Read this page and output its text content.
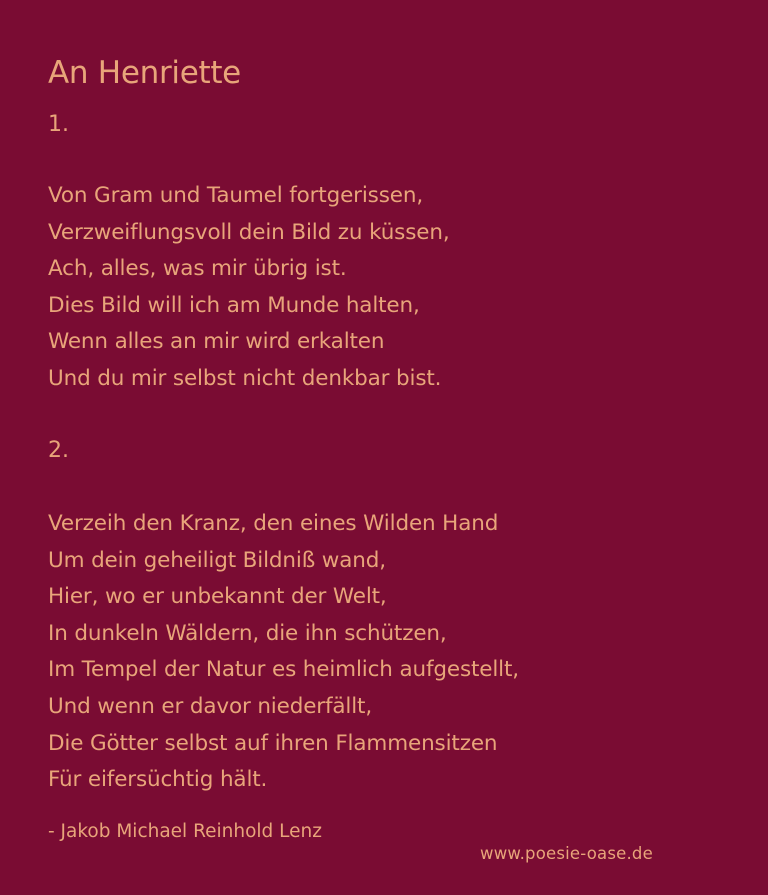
An Henriette
1.
Von Gram und Taumel fortgerissen,
Verzweiflungsvoll dein Bild zu küssen,
Ach, alles, was mir übrig ist.
Dies Bild will ich am Munde halten,
Wenn alles an mir wird erkalten
Und du mir selbst nicht denkbar bist.
2.
Verzeih den Kranz, den eines Wilden Hand
Um dein geheiligt Bildniß wand,
Hier, wo er unbekannt der Welt,
In dunkeln Wäldern, die ihn schützen,
Im Tempel der Natur es heimlich aufgestellt,
Und wenn er davor niederfällt,
Die Götter selbst auf ihren Flammensitzen
Für eifersüchtig hält.
- Jakob Michael Reinhold Lenz
www.poesie-oase.de
